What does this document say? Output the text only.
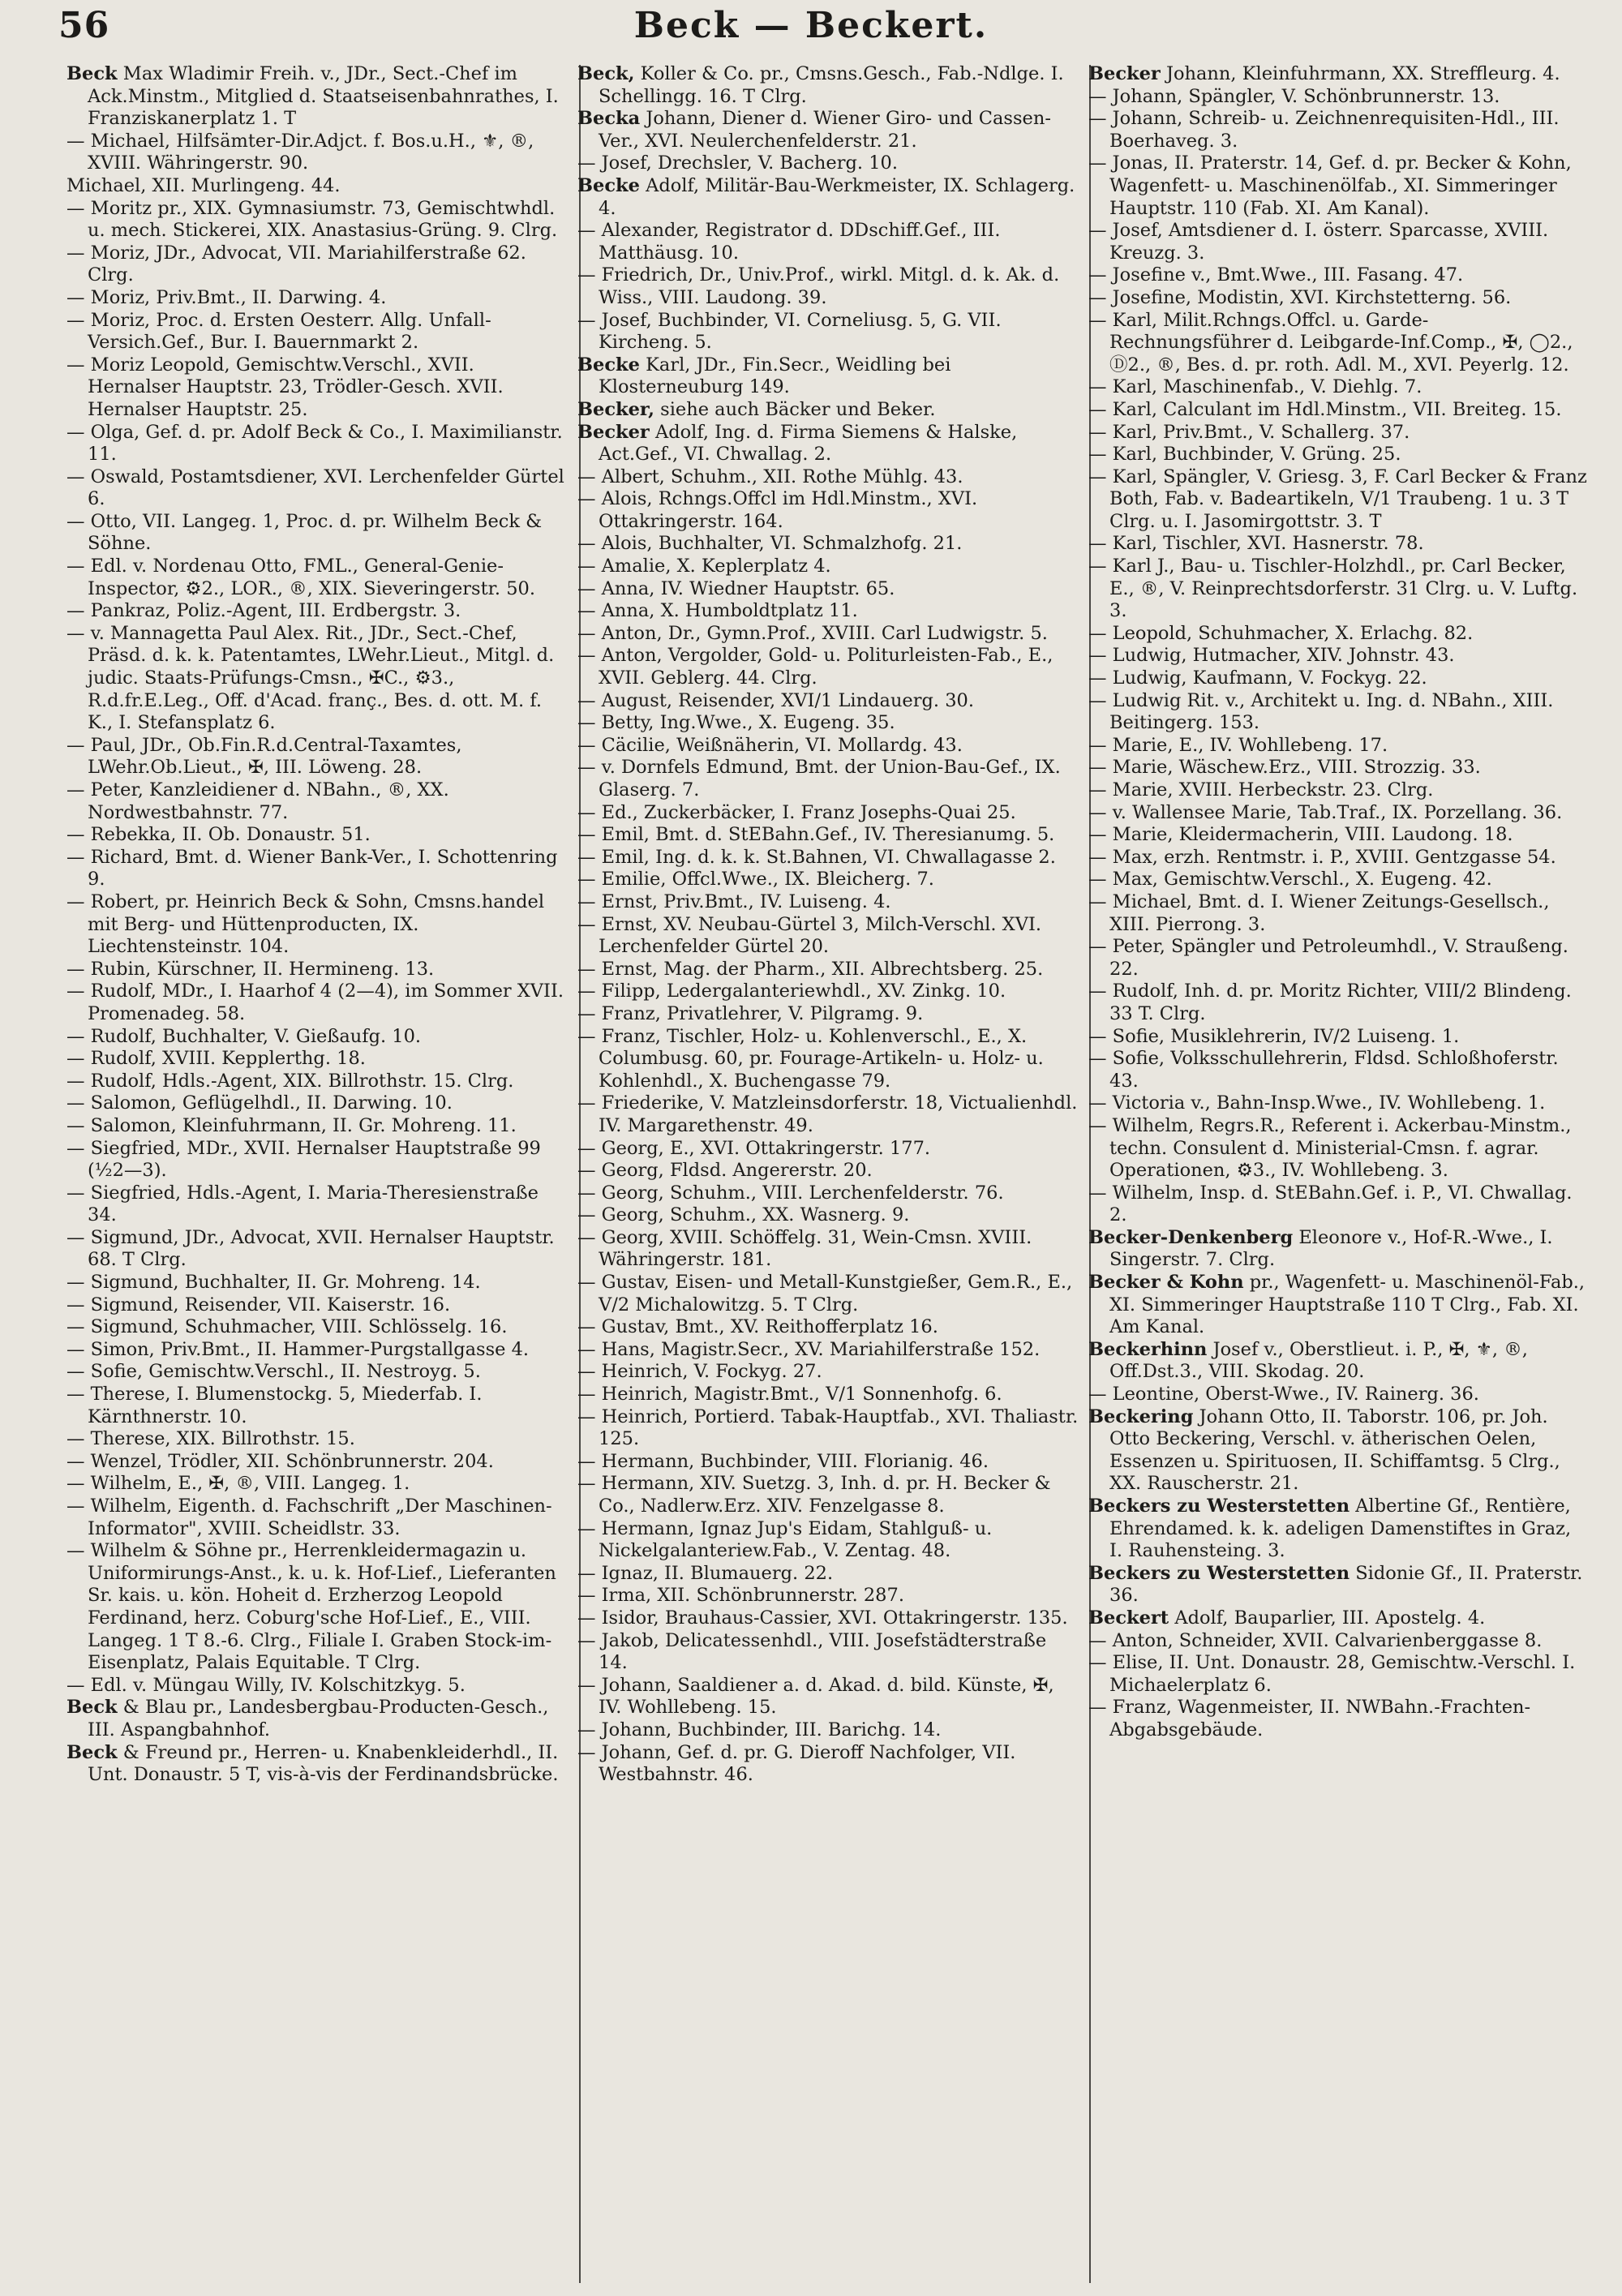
56	Beck — Beckert.

Beck Max Wladimir Freih. v., JDr., Sect.-Chef im Ack.Minstm., Mitglied d. Staatseisenbahnrathes, I. Franziskanerplatz 1. T

— Michael, Hilfsämter-Dir.Adjct. f. Bos.u.H., ⚜, ®, XVIII. Währingerstr. 90.

Michael, XII. Murlingeng. 44.

— Moritz pr., XIX. Gymnasiumstr. 73, Gemischtwhdl. u. mech. Stickerei, XIX. Anastasius-Grüng. 9. Clrg.

— Moriz, JDr., Advocat, VII. Mariahilferstraße 62. Clrg.

— Moriz, Priv.Bmt., II. Darwing. 4.

— Moriz, Proc. d. Ersten Oesterr. Allg. Unfall-Versich.Gef., Bur. I. Bauernmarkt 2.

— Moriz Leopold, Gemischtw.Verschl., XVII. Hernalser Hauptstr. 23, Trödler-Gesch. XVII. Hernalser Hauptstr. 25.

— Olga, Gef. d. pr. Adolf Beck & Co., I. Maximilianstr. 11.

— Oswald, Postamtsdiener, XVI. Lerchenfelder Gürtel 6.

— Otto, VII. Langeg. 1, Proc. d. pr. Wilhelm Beck & Söhne.

— Edl. v. Nordenau Otto, FML., General-Genie-Inspector, ⚙2., LOR., ®, XIX. Sieveringerstr. 50.

— Pankraz, Poliz.-Agent, III. Erdbergstr. 3.

— v. Mannagetta Paul Alex. Rit., JDr., Sect.-Chef, Präsd. d. k. k. Patentamtes, LWehr.Lieut., Mitgl. d. judic. Staats-Prüfungs-Cmsn., ✠C., ⚙3., R.d.fr.E.Leg., Off. d'Acad. franç., Bes. d. ott. M. f. K., I. Stefansplatz 6.

— Paul, JDr., Ob.Fin.R.d.Central-Taxamtes, LWehr.Ob.Lieut., ✠, III. Löweng. 28.

— Peter, Kanzleidiener d. NBahn., ®, XX. Nordwestbahnstr. 77.

— Rebekka, II. Ob. Donaustr. 51.

— Richard, Bmt. d. Wiener Bank-Ver., I. Schottenring 9.

— Robert, pr. Heinrich Beck & Sohn, Cmsns.handel mit Berg- und Hüttenproducten, IX. Liechtensteinstr. 104.

— Rubin, Kürschner, II. Hermineng. 13.

— Rudolf, MDr., I. Haarhof 4 (2—4), im Sommer XVII. Promenadeg. 58.

— Rudolf, Buchhalter, V. Gießaufg. 10.

— Rudolf, XVIII. Kepplerthg. 18.

— Rudolf, Hdls.-Agent, XIX. Billrothstr. 15. Clrg.

— Salomon, Geflügelhdl., II. Darwing. 10.

— Salomon, Kleinfuhrmann, II. Gr. Mohreng. 11.

— Siegfried, MDr., XVII. Hernalser Hauptstraße 99 (½2—3).

— Siegfried, Hdls.-Agent, I. Maria-Theresienstraße 34.

— Sigmund, JDr., Advocat, XVII. Hernalser Hauptstr. 68. T Clrg.

— Sigmund, Buchhalter, II. Gr. Mohreng. 14.

— Sigmund, Reisender, VII. Kaiserstr. 16.

— Sigmund, Schuhmacher, VIII. Schlösselg. 16.

— Simon, Priv.Bmt., II. Hammer-Purgstallgasse 4.

— Sofie, Gemischtw.Verschl., II. Nestroyg. 5.

— Therese, I. Blumenstockg. 5, Miederfab. I. Kärnthnerstr. 10.

— Therese, XIX. Billrothstr. 15.

— Wenzel, Trödler, XII. Schönbrunnerstr. 204.

— Wilhelm, E., ✠, ®, VIII. Langeg. 1.

— Wilhelm, Eigenth. d. Fachschrift „Der Maschinen-Informator", XVIII. Scheidlstr. 33.

— Wilhelm & Söhne pr., Herrenkleidermagazin u. Uniformirungs-Anst., k. u. k. Hof-Lief., Lieferanten Sr. kais. u. kön. Hoheit d. Erzherzog Leopold Ferdinand, herz. Coburg'sche Hof-Lief., E., VIII. Langeg. 1 T 8.-6. Clrg., Filiale I. Graben Stock-im-Eisenplatz, Palais Equitable. T Clrg.

— Edl. v. Müngau Willy, IV. Kolschitzkyg. 5.

Beck & Blau pr., Landesbergbau-Producten-Gesch., III. Aspangbahnhof.

Beck & Freund pr., Herren- u. Knabenkleiderhdl., II. Unt. Donaustr. 5 T, vis-à-vis der Ferdinandsbrücke.

Beck, Koller & Co. pr., Cmsns.Gesch., Fab.-Ndlge. I. Schellingg. 16. T Clrg.

Becka Johann, Diener d. Wiener Giro- und Cassen-Ver., XVI. Neulerchenfelderstr. 21.

— Josef, Drechsler, V. Bacherg. 10.

Becke Adolf, Militär-Bau-Werkmeister, IX. Schlagerg. 4.

— Alexander, Registrator d. DDschiff.Gef., III. Matthäusg. 10.

— Friedrich, Dr., Univ.Prof., wirkl. Mitgl. d. k. Ak. d. Wiss., VIII. Laudong. 39.

— Josef, Buchbinder, VI. Corneliusg. 5, G. VII. Kircheng. 5.

Becke Karl, JDr., Fin.Secr., Weidling bei Klosterneuburg 149.

Becker, siehe auch Bäcker und Beker.

Becker Adolf, Ing. d. Firma Siemens & Halske, Act.Gef., VI. Chwallag. 2.

— Albert, Schuhm., XII. Rothe Mühlg. 43.

— Alois, Rchngs.Offcl im Hdl.Minstm., XVI. Ottakringerstr. 164.

— Alois, Buchhalter, VI. Schmalzhofg. 21.

— Amalie, X. Keplerplatz 4.

— Anna, IV. Wiedner Hauptstr. 65.

— Anna, X. Humboldtplatz 11.

— Anton, Dr., Gymn.Prof., XVIII. Carl Ludwigstr. 5.

— Anton, Vergolder, Gold- u. Politurleisten-Fab., E., XVII. Geblerg. 44. Clrg.

— August, Reisender, XVI/1 Lindauerg. 30.

— Betty, Ing.Wwe., X. Eugeng. 35.

— Cäcilie, Weißnäherin, VI. Mollardg. 43.

— v. Dornfels Edmund, Bmt. der Union-Bau-Gef., IX. Glaserg. 7.

— Ed., Zuckerbäcker, I. Franz Josephs-Quai 25.

— Emil, Bmt. d. StEBahn.Gef., IV. Theresianumg. 5.

— Emil, Ing. d. k. k. St.Bahnen, VI. Chwallagasse 2.

— Emilie, Offcl.Wwe., IX. Bleicherg. 7.

— Ernst, Priv.Bmt., IV. Luiseng. 4.

— Ernst, XV. Neubau-Gürtel 3, Milch-Verschl. XVI. Lerchenfelder Gürtel 20.

— Ernst, Mag. der Pharm., XII. Albrechtsberg. 25.

— Filipp, Ledergalanteriewhdl., XV. Zinkg. 10.

— Franz, Privatlehrer, V. Pilgramg. 9.

— Franz, Tischler, Holz- u. Kohlenverschl., E., X. Columbusg. 60, pr. Fourage-Artikeln- u. Holz- u. Kohlenhdl., X. Buchengasse 79.

— Friederike, V. Matzleinsdorferstr. 18, Victualienhdl. IV. Margarethenstr. 49.

— Georg, E., XVI. Ottakringerstr. 177.

— Georg, Fldsd. Angererstr. 20.

— Georg, Schuhm., VIII. Lerchenfelderstr. 76.

— Georg, Schuhm., XX. Wasnerg. 9.

— Georg, XVIII. Schöffelg. 31, Wein-Cmsn. XVIII. Währingerstr. 181.

— Gustav, Eisen- und Metall-Kunstgießer, Gem.R., E., V/2 Michalowitzg. 5. T Clrg.

— Gustav, Bmt., XV. Reithofferplatz 16.

— Hans, Magistr.Secr., XV. Mariahilferstraße 152.

— Heinrich, V. Fockyg. 27.

— Heinrich, Magistr.Bmt., V/1 Sonnenhofg. 6.

— Heinrich, Portierd. Tabak-Hauptfab., XVI. Thaliastr. 125.

— Hermann, Buchbinder, VIII. Florianig. 46.

— Hermann, XIV. Suetzg. 3, Inh. d. pr. H. Becker & Co., Nadlerw.Erz. XIV. Fenzelgasse 8.

— Hermann, Ignaz Jup's Eidam, Stahlguß- u. Nickelgalanteriew.Fab., V. Zentag. 48.

— Ignaz, II. Blumauerg. 22.

— Irma, XII. Schönbrunnerstr. 287.

— Isidor, Brauhaus-Cassier, XVI. Ottakringerstr. 135.

— Jakob, Delicatessenhdl., VIII. Josefstädterstraße 14.

— Johann, Saaldiener a. d. Akad. d. bild. Künste, ✠, IV. Wohllebeng. 15.

— Johann, Buchbinder, III. Barichg. 14.

— Johann, Gef. d. pr. G. Dieroff Nachfolger, VII. Westbahnstr. 46.

Becker Johann, Kleinfuhrmann, XX. Streffleurg. 4.

— Johann, Spängler, V. Schönbrunnerstr. 13.

— Johann, Schreib- u. Zeichnenrequisiten-Hdl., III. Boerhaveg. 3.

— Jonas, II. Praterstr. 14, Gef. d. pr. Becker & Kohn, Wagenfett- u. Maschinenölfab., XI. Simmeringer Hauptstr. 110 (Fab. XI. Am Kanal).

— Josef, Amtsdiener d. I. österr. Sparcasse, XVIII. Kreuzg. 3.

— Josefine v., Bmt.Wwe., III. Fasang. 47.

— Josefine, Modistin, XVI. Kirchstetterng. 56.

— Karl, Milit.Rchngs.Offcl. u. Garde-Rechnungsführer d. Leibgarde-Inf.Comp., ✠, ◯2., Ⓓ2., ®, Bes. d. pr. roth. Adl. M., XVI. Peyerlg. 12.

— Karl, Maschinenfab., V. Diehlg. 7.

— Karl, Calculant im Hdl.Minstm., VII. Breiteg. 15.

— Karl, Priv.Bmt., V. Schallerg. 37.

— Karl, Buchbinder, V. Grüng. 25.

— Karl, Spängler, V. Griesg. 3, F. Carl Becker & Franz Both, Fab. v. Badeartikeln, V/1 Traubeng. 1 u. 3 T Clrg. u. I. Jasomirgottstr. 3. T

— Karl, Tischler, XVI. Hasnerstr. 78.

— Karl J., Bau- u. Tischler-Holzhdl., pr. Carl Becker, E., ®, V. Reinprechtsdorferstr. 31 Clrg. u. V. Luftg. 3.

— Leopold, Schuhmacher, X. Erlachg. 82.

— Ludwig, Hutmacher, XIV. Johnstr. 43.

— Ludwig, Kaufmann, V. Fockyg. 22.

— Ludwig Rit. v., Architekt u. Ing. d. NBahn., XIII. Beitingerg. 153.

— Marie, E., IV. Wohllebeng. 17.

— Marie, Wäschew.Erz., VIII. Strozzig. 33.

— Marie, XVIII. Herbeckstr. 23. Clrg.

— v. Wallensee Marie, Tab.Traf., IX. Porzellang. 36.

— Marie, Kleidermacherin, VIII. Laudong. 18.

— Max, erzh. Rentmstr. i. P., XVIII. Gentzgasse 54.

— Max, Gemischtw.Verschl., X. Eugeng. 42.

— Michael, Bmt. d. I. Wiener Zeitungs-Gesellsch., XIII. Pierrong. 3.

— Peter, Spängler und Petroleumhdl., V. Straußeng. 22.

— Rudolf, Inh. d. pr. Moritz Richter, VIII/2 Blindeng. 33 T. Clrg.

— Sofie, Musiklehrerin, IV/2 Luiseng. 1.

— Sofie, Volksschullehrerin, Fldsd. Schloßhoferstr. 43.

— Victoria v., Bahn-Insp.Wwe., IV. Wohllebeng. 1.

— Wilhelm, Regrs.R., Referent i. Ackerbau-Minstm., techn. Consulent d. Ministerial-Cmsn. f. agrar. Operationen, ⚙3., IV. Wohllebeng. 3.

— Wilhelm, Insp. d. StEBahn.Gef. i. P., VI. Chwallag. 2.

Becker-Denkenberg Eleonore v., Hof-R.-Wwe., I. Singerstr. 7. Clrg.

Becker & Kohn pr., Wagenfett- u. Maschinenöl-Fab., XI. Simmeringer Hauptstraße 110 T Clrg., Fab. XI. Am Kanal.

Beckerhinn Josef v., Oberstlieut. i. P., ✠, ⚜, ®, Off.Dst.3., VIII. Skodag. 20.

— Leontine, Oberst-Wwe., IV. Rainerg. 36.

Beckering Johann Otto, II. Taborstr. 106, pr. Joh. Otto Beckering, Verschl. v. ätherischen Oelen, Essenzen u. Spirituosen, II. Schiffamtsg. 5 Clrg., XX. Rauscherstr. 21.

Beckers zu Westerstetten Albertine Gf., Rentière, Ehrendamed. k. k. adeligen Damenstiftes in Graz, I. Rauhensteing. 3.

Beckers zu Westerstetten Sidonie Gf., II. Praterstr. 36.

Beckert Adolf, Bauparlier, III. Apostelg. 4.

— Anton, Schneider, XVII. Calvarienberggasse 8.

— Elise, II. Unt. Donaustr. 28, Gemischtw.-Verschl. I. Michaelerplatz 6.

— Franz, Wagenmeister, II. NWBahn.-Frachten-Abgabsgebäude.
